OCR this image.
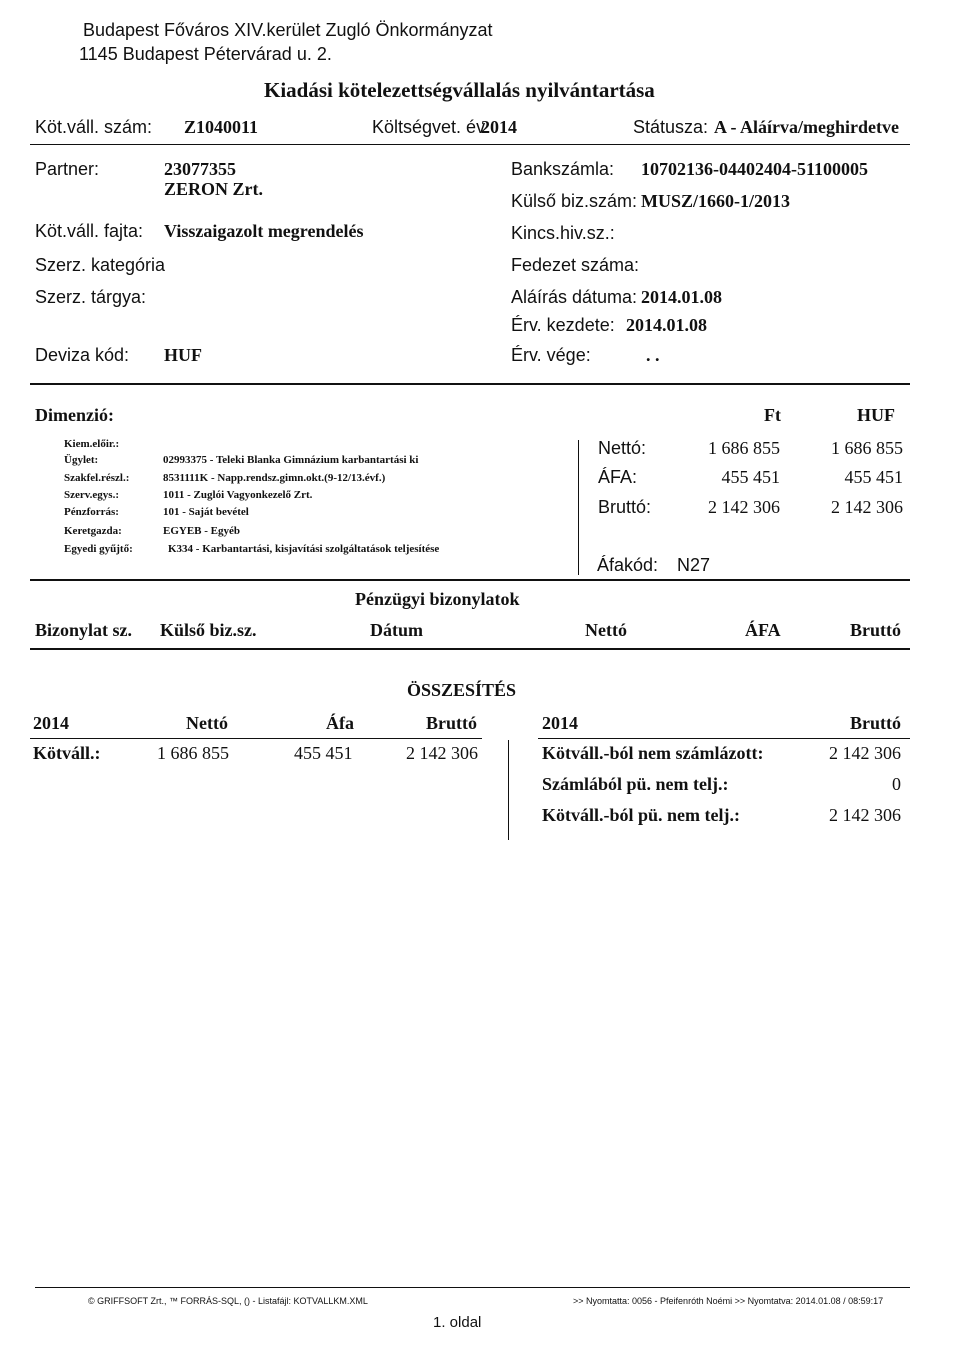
Budapest Főváros XIV.kerület Zugló Önkormányzat
1145 Budapest Pétervárad u. 2.
Kiadási kötelezettségvállalás nyilvántartása
Köt.váll. szám: Z1040011	Költségvet. év:
2014	Státusza: A - Aláírva/meghirdetve
Partner:	23077355
ZERON Zrt.
Köt.váll. fajta: Visszaigazolt megrendelés
Szerz. kategória
Szerz. tárgya:
Deviza kód: HUF
Bankszámla: 10702136-04402404-51100005
Külső biz.szám: MUSZ/1660-1/2013
Kincs.hiv.sz.:
Fedezet száma:
Aláírás dátuma: 2014.01.08
Érv. kezdete: 2014.01.08
Érv. vége:	. .
Dimenzió:
Kiem.előir.:
Ügylet:	02993375 - Teleki Blanka Gimnázium karbantartási ki
Szakfel.részl.:	8531111K - Napp.rendsz.gimn.okt.(9-12/13.évf.)
Szerv.egys.:	1011 - Zuglói Vagyonkezelő Zrt.
Pénzforrás:	101 - Saját bevétel
Keretgazda:	EGYEB - Egyéb
Egyedi gyűjtő:	K334 - Karbantartási, kisjavítási szolgáltatások teljesítése
Ft	HUF
Nettó:	1 686 855	1 686 855
ÁFA:	455 451	455 451
Bruttó:	2 142 306	2 142 306
Áfakód: N27
Pénzügyi bizonylatok
Bizonylat sz. Külső biz.sz.	Dátum	Nettó	ÁFA	Bruttó
ÖSSZESÍTÉS
2014	Nettó	Áfa	Bruttó
Kötváll.:	1 686 855	455 451	2 142 306
2014	Bruttó
Kötváll.-ból nem számlázott:	2 142 306
Számlából pü. nem telj.:	0
Kötváll.-ból pü. nem telj.:	2 142 306
© GRIFFSOFT Zrt., ™ FORRÁS-SQL, () - Listafájl: KOTVALLKM.XML	>> Nyomtatta: 0056 - Pfeifenróth Noémi >> Nyomtatva: 2014.01.08 / 08:59:17
1. oldal
